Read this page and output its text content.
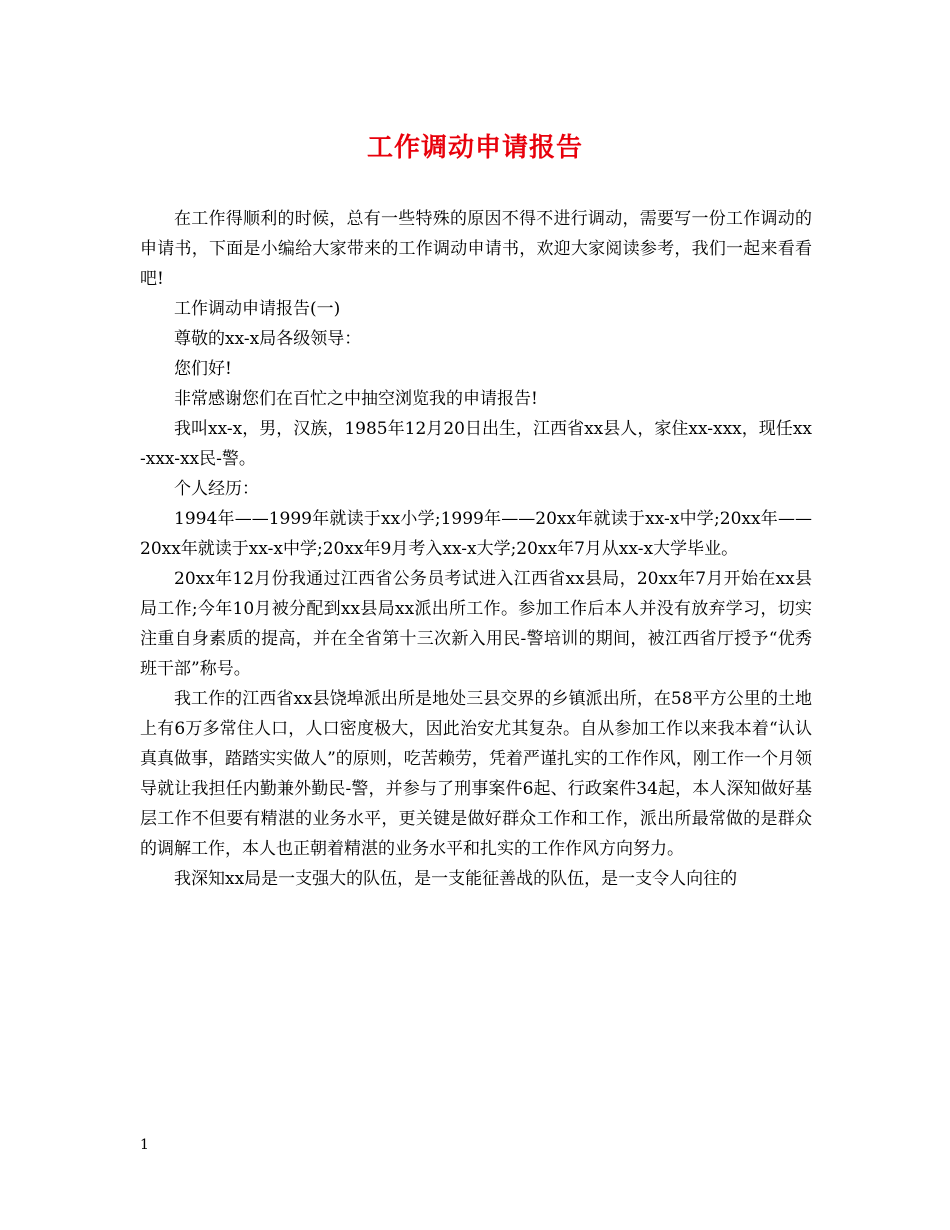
工作调动申请报告

在工作得顺利的时候，总有一些特殊的原因不得不进行调动，需要写一份工作调动的申请书，下面是小编给大家带来的工作调动申请书，欢迎大家阅读参考，我们一起来看看吧!

工作调动申请报告(一)

尊敬的xx-x局各级领导：

您们好!

非常感谢您们在百忙之中抽空浏览我的申请报告!

我叫xx-x，男，汉族，1985年12月20日出生，江西省xx县人，家住xx-xxx，现任xx-xxx-xx民-警。

个人经历：

1994年——1999年就读于xx小学;1999年——20xx年就读于xx-x中学;20xx年——20xx年就读于xx-x中学;20xx年9月考入xx-x大学;20xx年7月从xx-x大学毕业。

20xx年12月份我通过江西省公务员考试进入江西省xx县局，20xx年7月开始在xx县局工作;今年10月被分配到xx县局xx派出所工作。参加工作后本人并没有放弃学习，切实注重自身素质的提高，并在全省第十三次新入用民-警培训的期间，被江西省厅授予“优秀班干部”称号。

我工作的江西省xx县饶埠派出所是地处三县交界的乡镇派出所，在58平方公里的土地上有6万多常住人口，人口密度极大，因此治安尤其复杂。自从参加工作以来我本着“认认真真做事，踏踏实实做人”的原则，吃苦赖劳，凭着严谨扎实的工作作风，刚工作一个月领导就让我担任内勤兼外勤民-警，并参与了刑事案件6起、行政案件34起，本人深知做好基层工作不但要有精湛的业务水平，更关键是做好群众工作和工作，派出所最常做的是群众的调解工作，本人也正朝着精湛的业务水平和扎实的工作作风方向努力。

我深知xx局是一支强大的队伍，是一支能征善战的队伍，是一支令人向往的

1
